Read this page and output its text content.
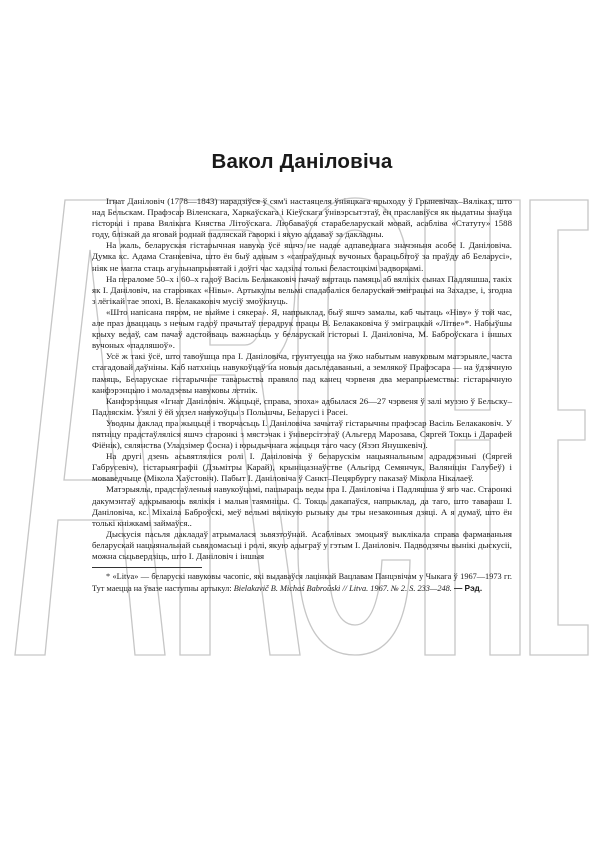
Вакол Даніловіча

Ігнат Даніловіч (1778—1843) нарадзіўся ў сям'і настаяцеля ўніяцкага прыходу ў Грыневічах–Вяліках, што над Бельскам. Прафэсар Віленскага, Харкаўскага і Кіеўскага ўнівэрсытэтаў, ён праславіўся як выдатны знаўца гісторыі і права Вялікага Княства Літоўскага. Любаваўся старабеларускай мовай, асабліва «Статуту» 1588 году, блізкай да яговай роднай падляскай гаворкі і якую аддаваў за дакладны.

На жаль, беларуская гістарычная навука ўсё яшчэ не надае адпаведнага значэньня асобе І. Даніловіча. Думка кс. Адама Станкевіча, што ён быў адным з «сапраўдных вучоных барацьбітоў за праўду аб Беларусі», ніяк не магла стаць агульнапрынятай і доўгі час хадзіла толькі беластоцкімі задворкамі.

На пераломе 50–х і 60–х гадоў Васіль Белакаковіч пачаў вяртаць памяць аб вялікіх сынах Падляшша, такіх як І. Даніловіч, на старонках «Нівы». Артыкулы вельмі спадабаліся беларускай эміграцыі на Захадзе, і, згодна з лёгікай тае эпохі, В. Белакаковіч мусіў змоўкнуць.

«Што напісана пяром, не выйме і сякера». Я, напрыклад, быў яшчэ замалы, каб чытаць «Ніву» ў той час, але праз дваццаць з нечым гадоў прачытаў перадрук працы В. Белакаковіча ў эміграцкай «Літве»*. Набыўшы крыху ведаў, сам пачаў адстойваць важнасьць у беларускай гісторыі І. Даніловіча, М. Баброўскага і іншых вучоных «падляшоў».

Усё ж такі ўсё, што тавоўшца пра І. Даніловіча, грунтуецца на ўжо набытым навуковым матэрыяле, часта стагадовай даўніны. Каб натхніць навукоўцаў на новыя дасьледаваньні, а землякоў Прафэсара — на ўдзячную памяць, Беларускае гістарычнае таварыства правяло пад канец чэрвеня два мерапрыемствы: гістарычную канфэрэнцыю і моладзевы навуковы летнік.

Канфэрэнцыя «Ігнат Даніловіч. Жыцьцё, справа, эпоха» адбылася 26—27 чэрвеня ў залі музэю ў Бельску–Падляскім. Узялі ў ёй удзел навукоўцы з Польшчы, Беларусі і Расеі.

Уводны даклад пра жыцьцё і творчасьць І. Даніловіча зачытаў гістарычны прафэсар Васіль Белакаковіч. У пятніцу прадстаўляліся яшчэ старонкі з мястэчак і ўніверсітэтаў (Альгерд Марозава, Сяргей Токць і Дарафей Фіёнік), сялянства (Уладзімер Сосна) і юрыдычнага жыцьця таго часу (Язэп Янушкевіч).

На другі дзень асьвятляліся ролі І. Даніловіча ў беларускім нацыянальным адраджэньні (Сяргей Габрусевіч), гістарыяграфіі (Дзьмітры Карай), крыніцазнаўстве (Альгірд Семянчук, Валяніцін Галубеў) і моваведчыце (Мікола Хаўстовіч). Пабыт І. Даніловіча ў Санкт–Пецярбургу паказаў Мікола Нікалаеў.

Матэрыялы, прадстаўленыя навукоўцамі, пашыраць веды пра І. Даніловіча і Падляшша ў яго час. Старонкі дакумэнтаў адкрываюць вялікія і малыя таямніцы. С. Токць дакапаўся, напрыклад, да таго, што тавараш І. Даніловіча, кс. Міхаіла Баброўскі, меў вельмі вялікую рызыку ды тры незаконныя дзяці. А я думаў, што ён толькі кніжкамі займаўся..

Дыскусія пасьля дакладаў атрымалася зьвязтоўнай. Асаблівых эмоцыяў выклікала справа фармаваньня беларускай нацыянальнай сьвядомасьці і ролі, якую адыграў у гэтым І. Даніловіч. Падводзячы вынікі дыскусіі, можна сьцьвердзіць, што І. Даніловіч і іншыя

* «Litva» — беларускі навуковы часопіс, які выдаваўся лацінкай Вацлавам Панцэвічам у Чыкага ў 1967—1973 гг. Тут маецца на ўвазе наступны артыкул: Bielakavič B. Michaś Babroŭski // Litva. 1967. № 2. S. 233—248. — Рэд.
